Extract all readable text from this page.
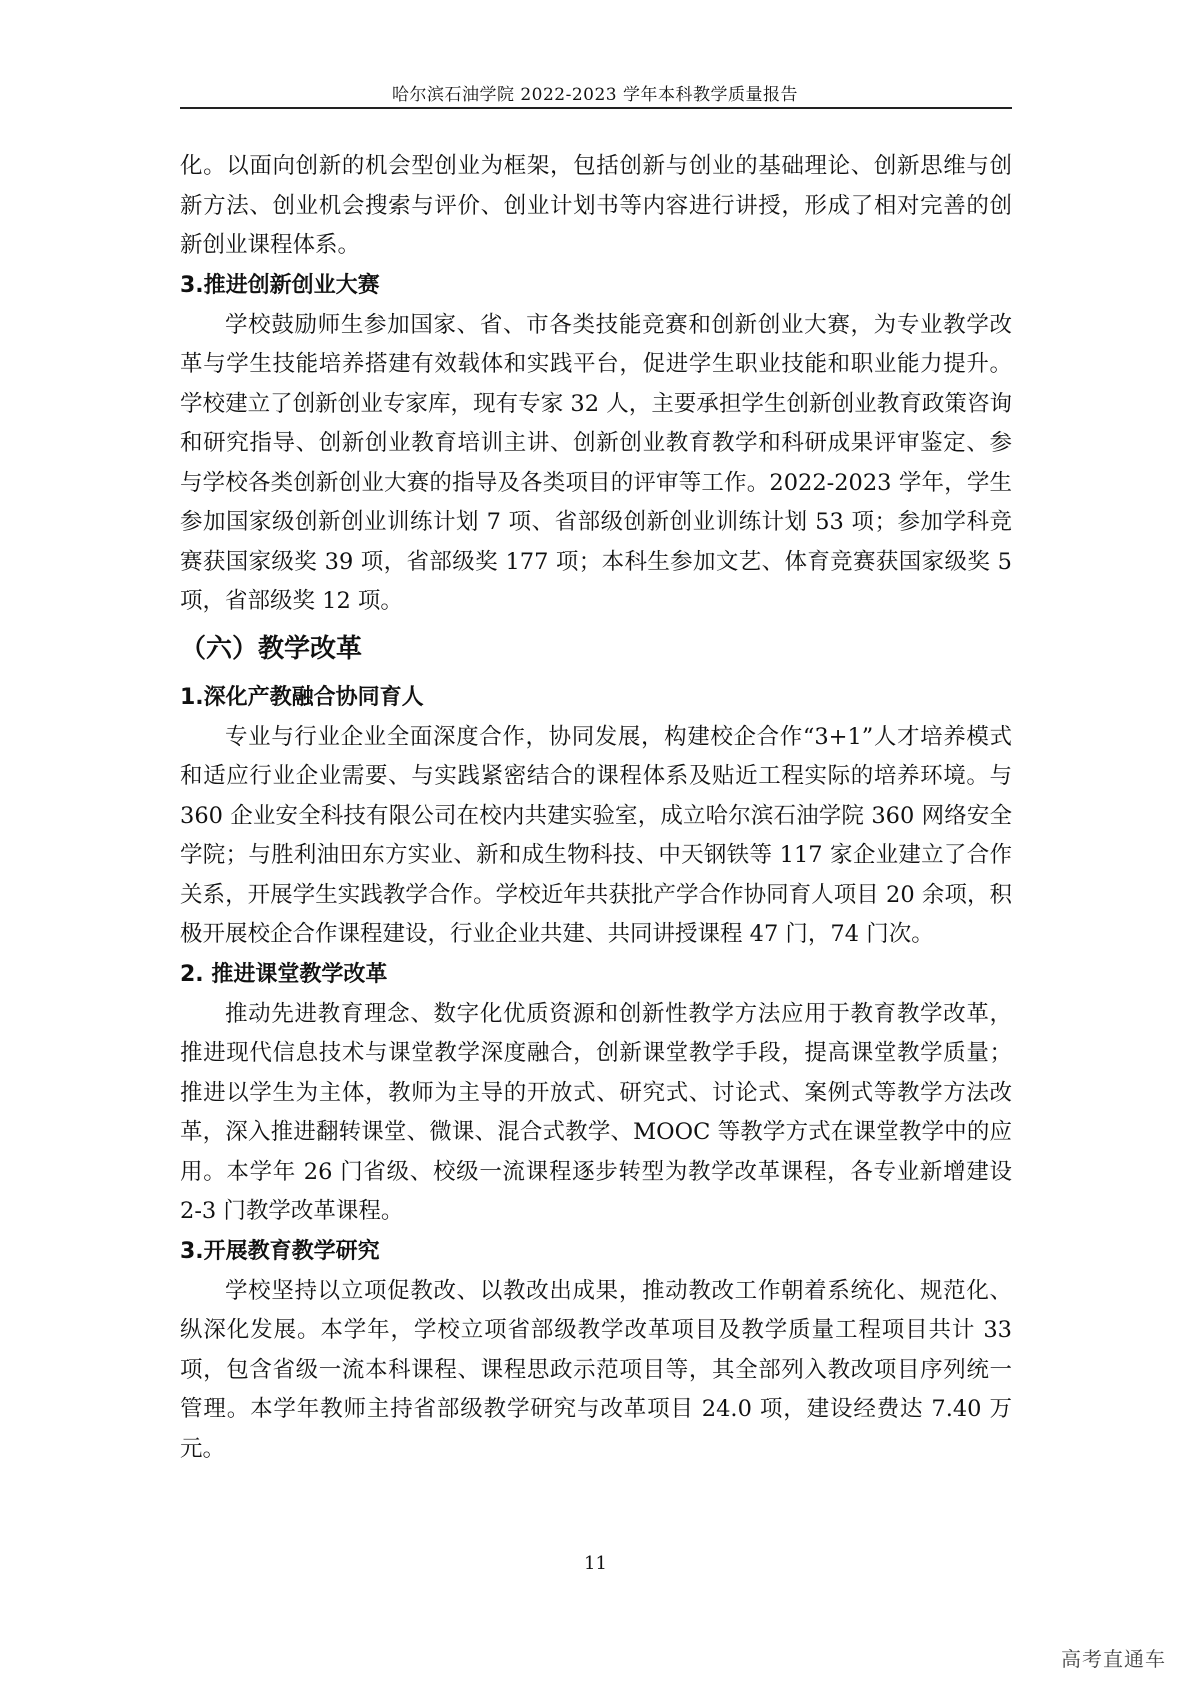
哈尔滨石油学院 2022-2023 学年本科教学质量报告

化。以面向创新的机会型创业为框架，包括创新与创业的基础理论、创新思维与创新方法、创业机会搜索与评价、创业计划书等内容进行讲授，形成了相对完善的创新创业课程体系。

3.推进创新创业大赛

学校鼓励师生参加国家、省、市各类技能竞赛和创新创业大赛，为专业教学改革与学生技能培养搭建有效载体和实践平台，促进学生职业技能和职业能力提升。学校建立了创新创业专家库，现有专家 32 人，主要承担学生创新创业教育政策咨询和研究指导、创新创业教育培训主讲、创新创业教育教学和科研成果评审鉴定、参与学校各类创新创业大赛的指导及各类项目的评审等工作。2022-2023 学年，学生参加国家级创新创业训练计划 7 项、省部级创新创业训练计划 53 项；参加学科竞赛获国家级奖 39 项，省部级奖 177 项；本科生参加文艺、体育竞赛获国家级奖 5 项，省部级奖 12 项。

（六）教学改革

1.深化产教融合协同育人

专业与行业企业全面深度合作，协同发展，构建校企合作“3+1”人才培养模式和适应行业企业需要、与实践紧密结合的课程体系及贴近工程实际的培养环境。与 360 企业安全科技有限公司在校内共建实验室，成立哈尔滨石油学院 360 网络安全学院；与胜利油田东方实业、新和成生物科技、中天钢铁等 117 家企业建立了合作关系，开展学生实践教学合作。学校近年共获批产学合作协同育人项目 20 余项，积极开展校企合作课程建设，行业企业共建、共同讲授课程 47 门，74 门次。

2. 推进课堂教学改革

推动先进教育理念、数字化优质资源和创新性教学方法应用于教育教学改革，推进现代信息技术与课堂教学深度融合，创新课堂教学手段，提高课堂教学质量；推进以学生为主体，教师为主导的开放式、研究式、讨论式、案例式等教学方法改革，深入推进翻转课堂、微课、混合式教学、MOOC 等教学方式在课堂教学中的应用。本学年 26 门省级、校级一流课程逐步转型为教学改革课程，各专业新增建设 2-3 门教学改革课程。

3.开展教育教学研究

学校坚持以立项促教改、以教改出成果，推动教改工作朝着系统化、规范化、纵深化发展。本学年，学校立项省部级教学改革项目及教学质量工程项目共计 33 项，包含省级一流本科课程、课程思政示范项目等，其全部列入教改项目序列统一管理。本学年教师主持省部级教学研究与改革项目 24.0 项，建设经费达 7.40 万元。

11
高考直通车
